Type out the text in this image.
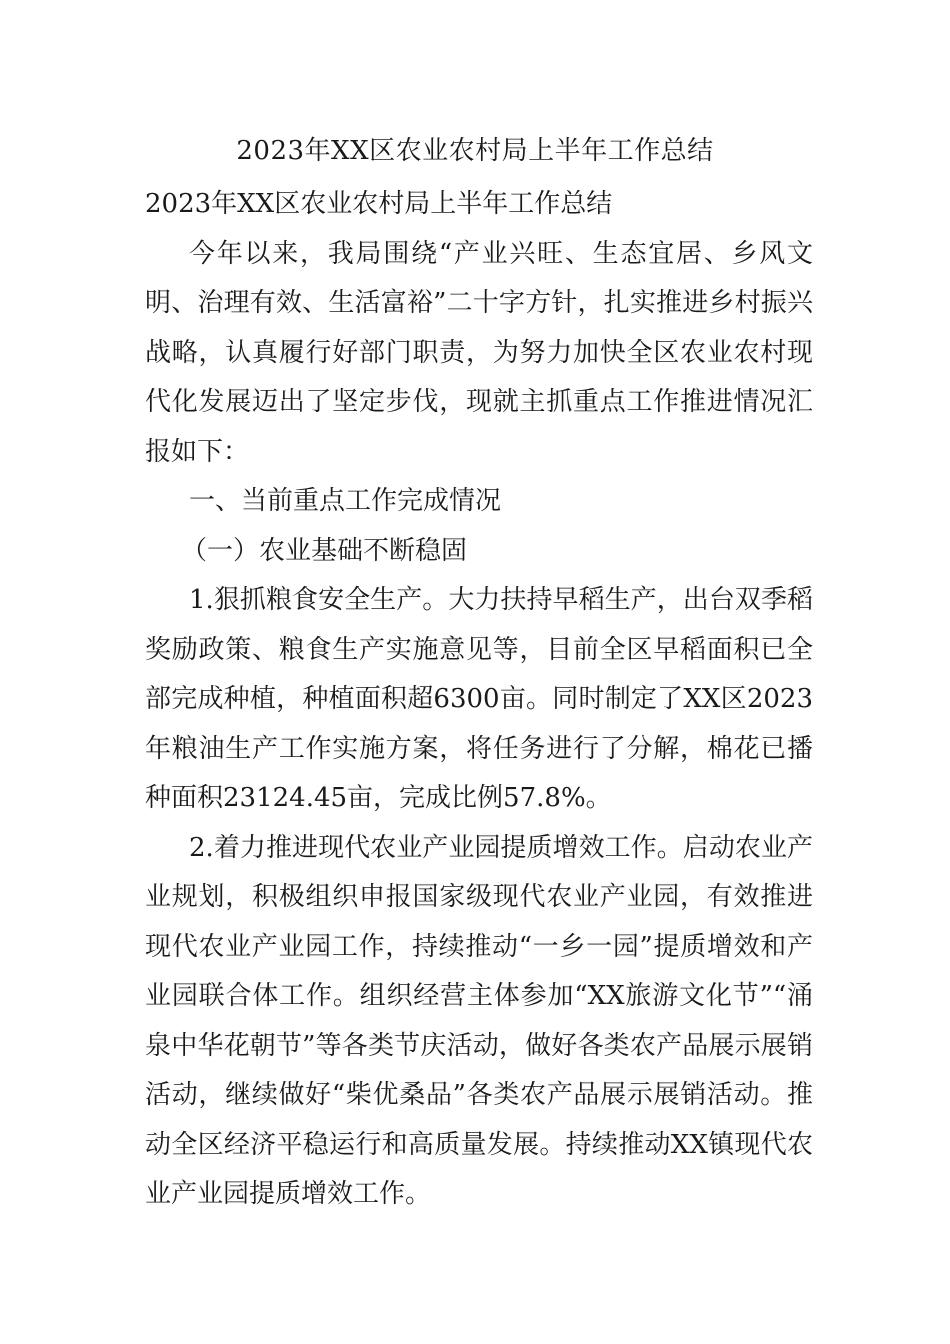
2023年XX区农业农村局上半年工作总结

2023年XX区农业农村局上半年工作总结

今年以来，我局围绕“产业兴旺、生态宜居、乡风文明、治理有效、生活富裕”二十字方针，扎实推进乡村振兴战略，认真履行好部门职责，为努力加快全区农业农村现代化发展迈出了坚定步伐，现就主抓重点工作推进情况汇报如下：

一、当前重点工作完成情况

（一）农业基础不断稳固

1.狠抓粮食安全生产。大力扶持早稻生产，出台双季稻奖励政策、粮食生产实施意见等，目前全区早稻面积已全部完成种植，种植面积超6300亩。同时制定了XX区2023年粮油生产工作实施方案，将任务进行了分解，棉花已播种面积23124.45亩，完成比例57.8%。

2.着力推进现代农业产业园提质增效工作。启动农业产业规划，积极组织申报国家级现代农业产业园，有效推进现代农业产业园工作，持续推动“一乡一园”提质增效和产业园联合体工作。组织经营主体参加“XX旅游文化节”“涌泉中华花朝节”等各类节庆活动，做好各类农产品展示展销活动，继续做好“柴优桑品”各类农产品展示展销活动。推动全区经济平稳运行和高质量发展。持续推动XX镇现代农业产业园提质增效工作。
